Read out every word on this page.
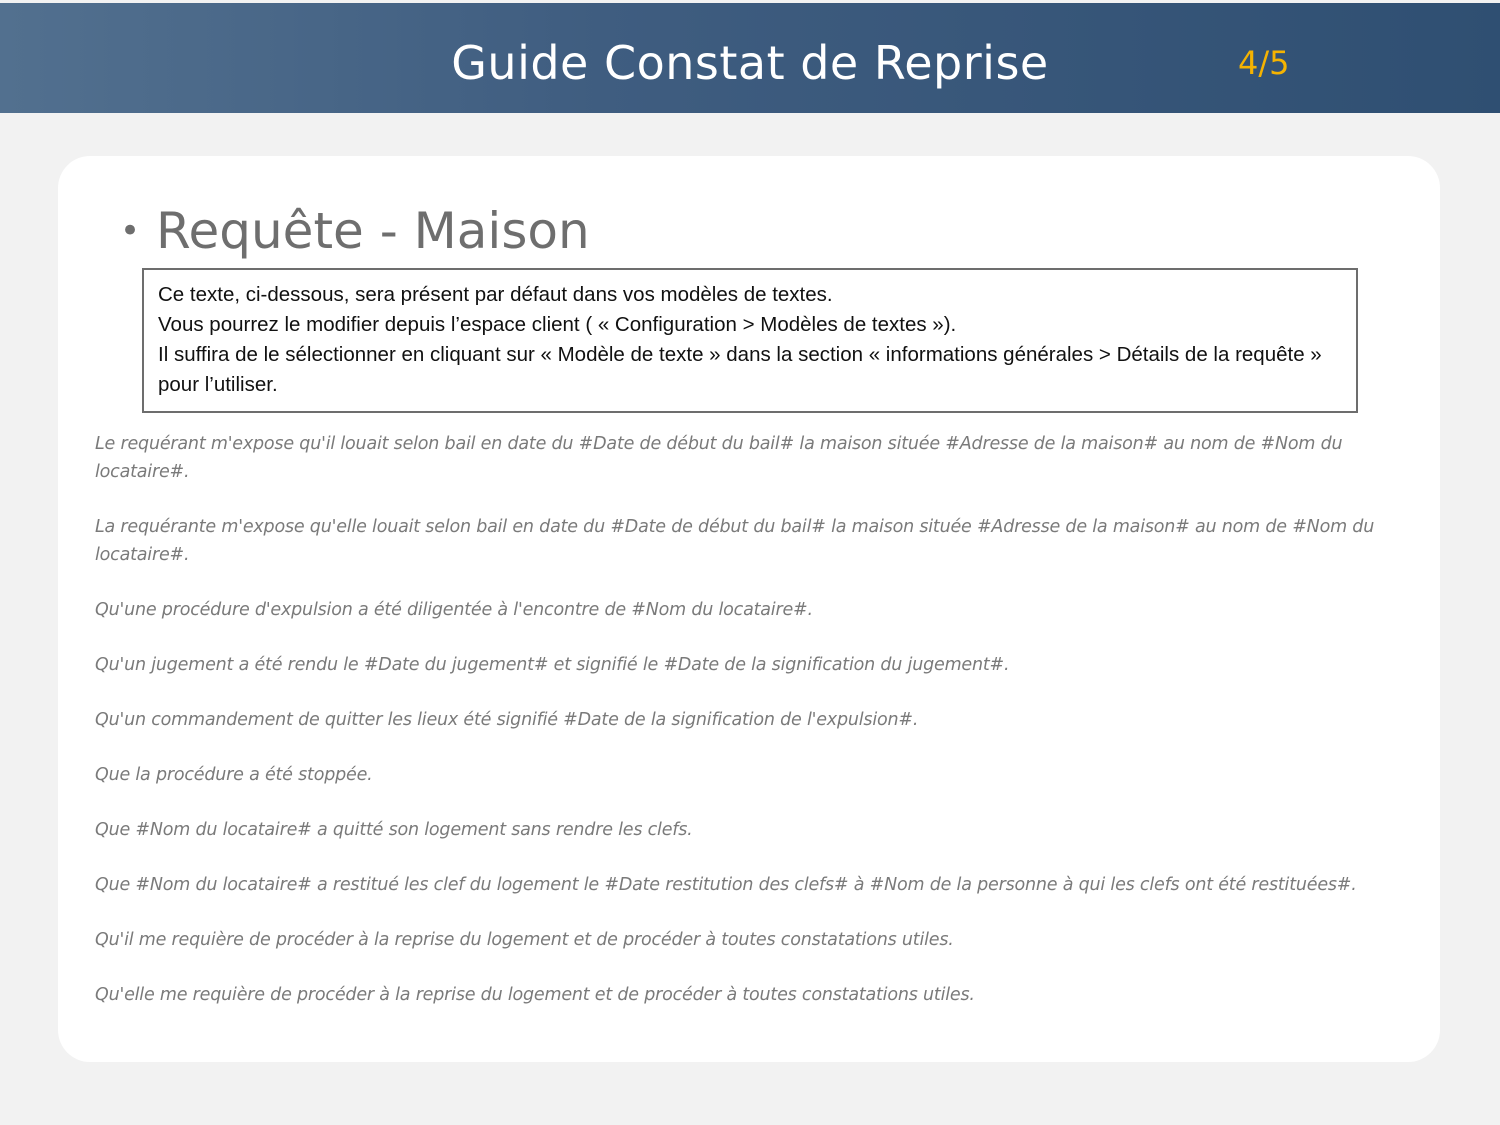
Guide Constat de Reprise	4/5
• Requête - Maison
Ce texte, ci-dessous, sera présent par défaut dans vos modèles de textes.
Vous pourrez le modifier depuis l’espace client ( « Configuration > Modèles de textes »).
Il suffira de le sélectionner en cliquant sur « Modèle de texte » dans la section « informations générales > Détails de la requête » pour l’utiliser.

Le requérant m'expose qu'il louait selon bail en date du #Date de début du bail# la maison située #Adresse de la maison# au nom de #Nom du locataire#.

La requérante m'expose qu'elle louait selon bail en date du #Date de début du bail# la maison située #Adresse de la maison# au nom de #Nom du locataire#.

Qu'une procédure d'expulsion a été diligentée à l'encontre de #Nom du locataire#.

Qu'un jugement a été rendu le #Date du jugement# et signifié le #Date de la signification du jugement#.

Qu'un commandement de quitter les lieux été signifié #Date de la signification de l'expulsion#.

Que la procédure a été stoppée.

Que #Nom du locataire# a quitté son logement sans rendre les clefs.

Que #Nom du locataire# a restitué les clef du logement le #Date restitution des clefs# à #Nom de la personne à qui les clefs ont été restituées#.

Qu'il me requière de procéder à la reprise du logement et de procéder à toutes constatations utiles.

Qu'elle me requière de procéder à la reprise du logement et de procéder à toutes constatations utiles.
